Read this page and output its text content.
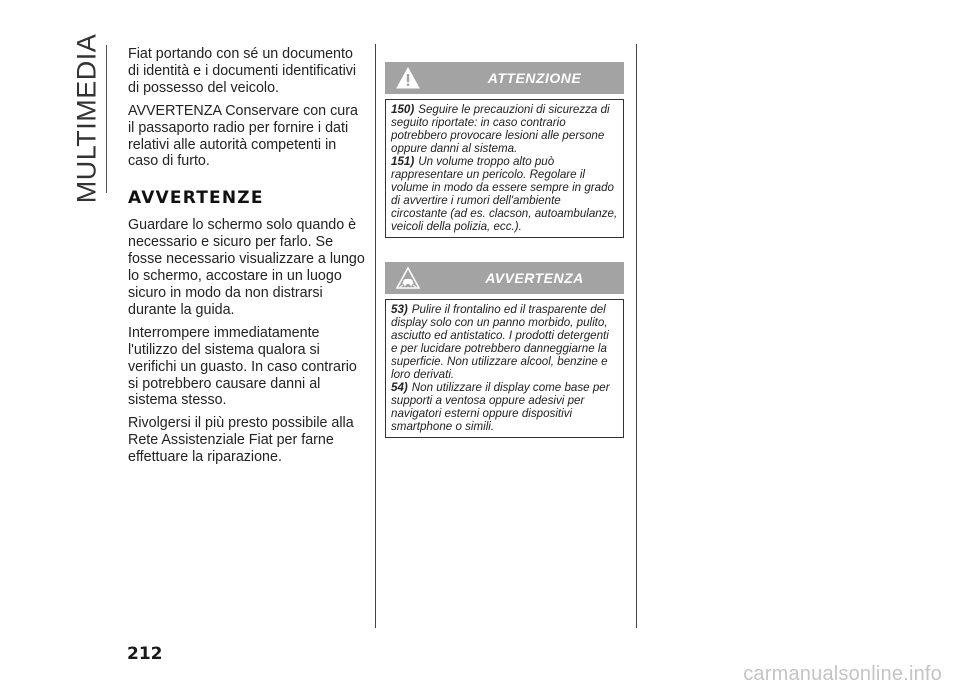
MULTIMEDIA Fiat portando con sé un documento di identità e i documenti identificativi di possesso del veicolo.

AVVERTENZA Conservare con cura il passaporto radio per fornire i dati relativi alle autorità competenti in caso di furto.

AVVERTENZE

Guardare lo schermo solo quando è necessario e sicuro per farlo. Se fosse necessario visualizzare a lungo lo schermo, accostare in un luogo sicuro in modo da non distrarsi durante la guida.

Interrompere immediatamente l'utilizzo del sistema qualora si verifichi un guasto. In caso contrario si potrebbero causare danni al sistema stesso.

Rivolgersi il più presto possibile alla Rete Assistenziale Fiat per farne effettuare la riparazione.

ATTENZIONE

150) Seguire le precauzioni di sicurezza di seguito riportate: in caso contrario potrebbero provocare lesioni alle persone oppure danni al sistema.

151) Un volume troppo alto può rappresentare un pericolo. Regolare il volume in modo da essere sempre in grado di avvertire i rumori dell'ambiente circostante (ad es. clacson, autoambulanze, veicoli della polizia, ecc.).

AVVERTENZA

53) Pulire il frontalino ed il trasparente del display solo con un panno morbido, pulito, asciutto ed antistatico. I prodotti detergenti e per lucidare potrebbero danneggiarne la superficie. Non utilizzare alcool, benzine e loro derivati.

54) Non utilizzare il display come base per supporti a ventosa oppure adesivi per navigatori esterni oppure dispositivi smartphone o simili.

212
carmanualsonline.info
